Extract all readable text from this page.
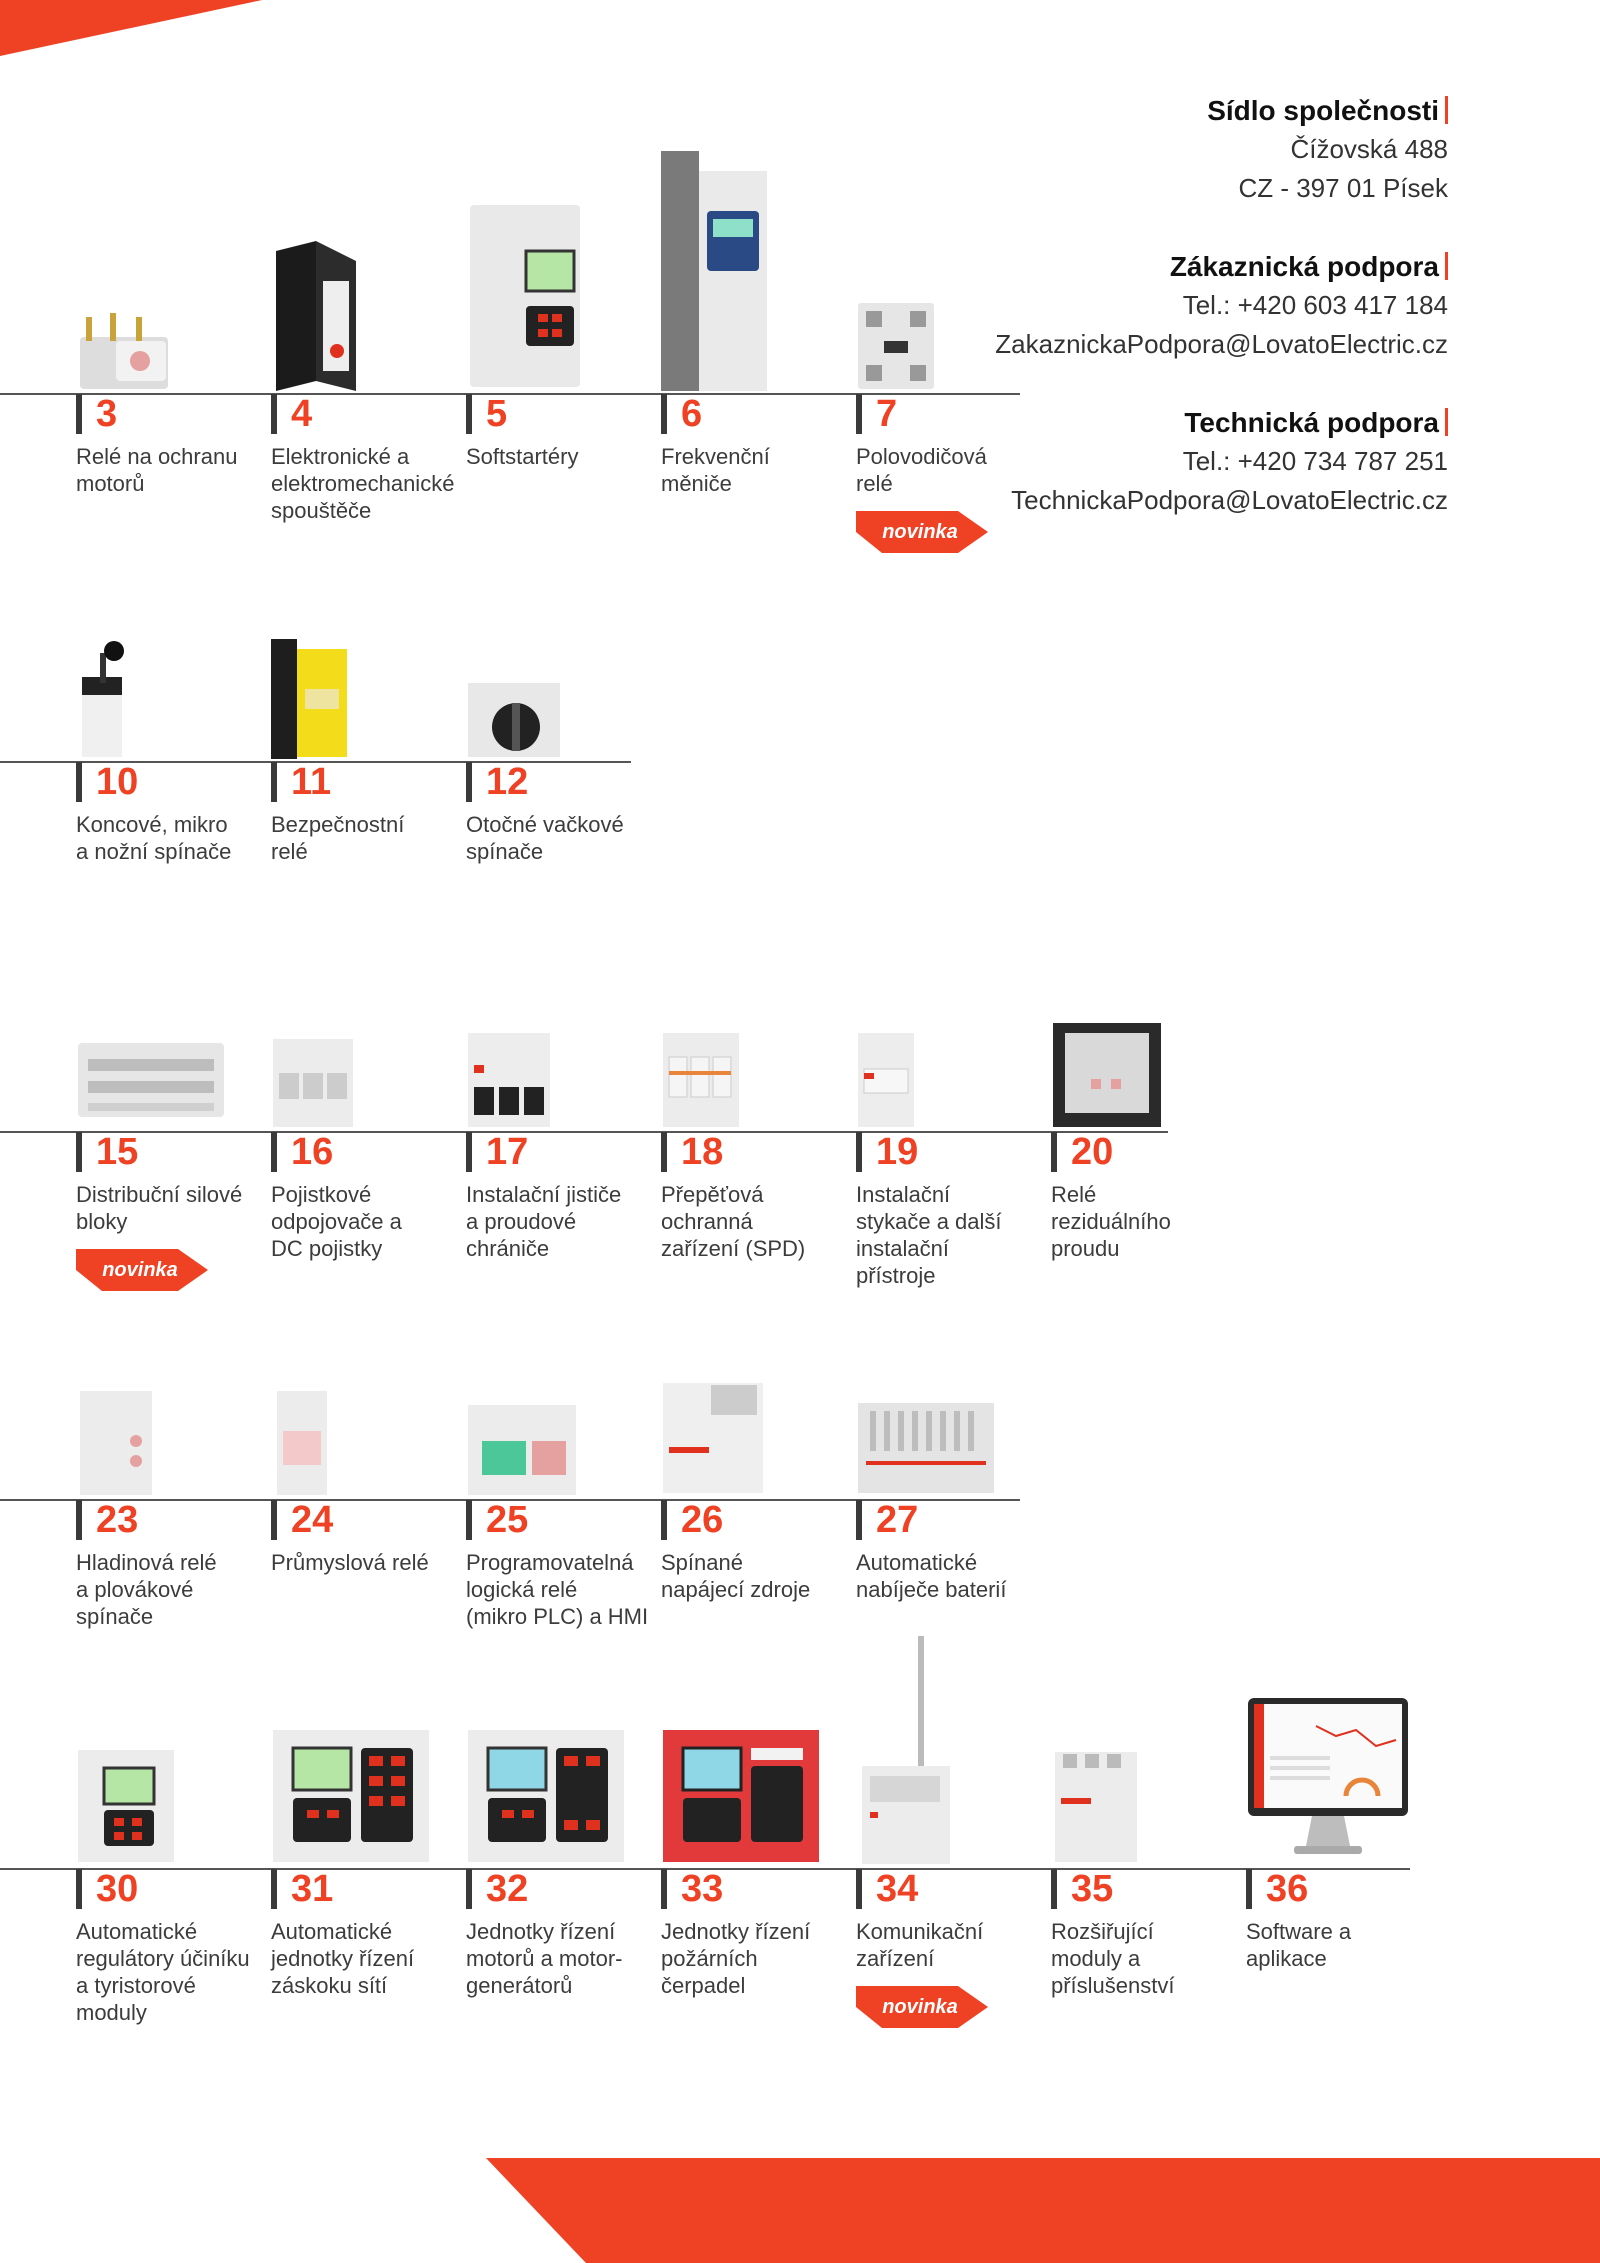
Sídlo společnosti
Čížovská 488
CZ - 397 01 Písek
Zákaznická podpora
Tel.: +420 603 417 184
ZakaznickaPodpora@LovatoElectric.cz
Technická podpora
Tel.: +420 734 787 251
TechnickaPodpora@LovatoElectric.cz
3
Relé na ochranu
motorů
4
Elektronické a
elektromechanické
spouštěče
5
Softstartéry
6
Frekvenční
měniče
7
Polovodičová
relé
novinka
10
Koncové, mikro
a nožní spínače
11
Bezpečnostní
relé
12
Otočné vačkové
spínače
15
Distribuční silové
bloky
novinka
16
Pojistkové
odpojovače a
DC pojistky
17
Instalační jističe
a proudové
chrániče
18
Přepěťová
ochranná
zařízení (SPD)
19
Instalační
stykače a další
instalační
přístroje
20
Relé
reziduálního
proudu
23
Hladinová relé
a plovákové
spínače
24
Průmyslová relé
25
Programovatelná
logická relé
(mikro PLC) a HMI
26
Spínané
napájecí zdroje
27
Automatické
nabíječe baterií
30
Automatické
regulátory účiníku
a tyristorové
moduly
31
Automatické
jednotky řízení
záskoku sítí
32
Jednotky řízení
motorů a motor-
generátorů
33
Jednotky řízení
požárních
čerpadel
34
Komunikační
zařízení
novinka
35
Rozšiřující
moduly a
příslušenství
36
Software a
aplikace
